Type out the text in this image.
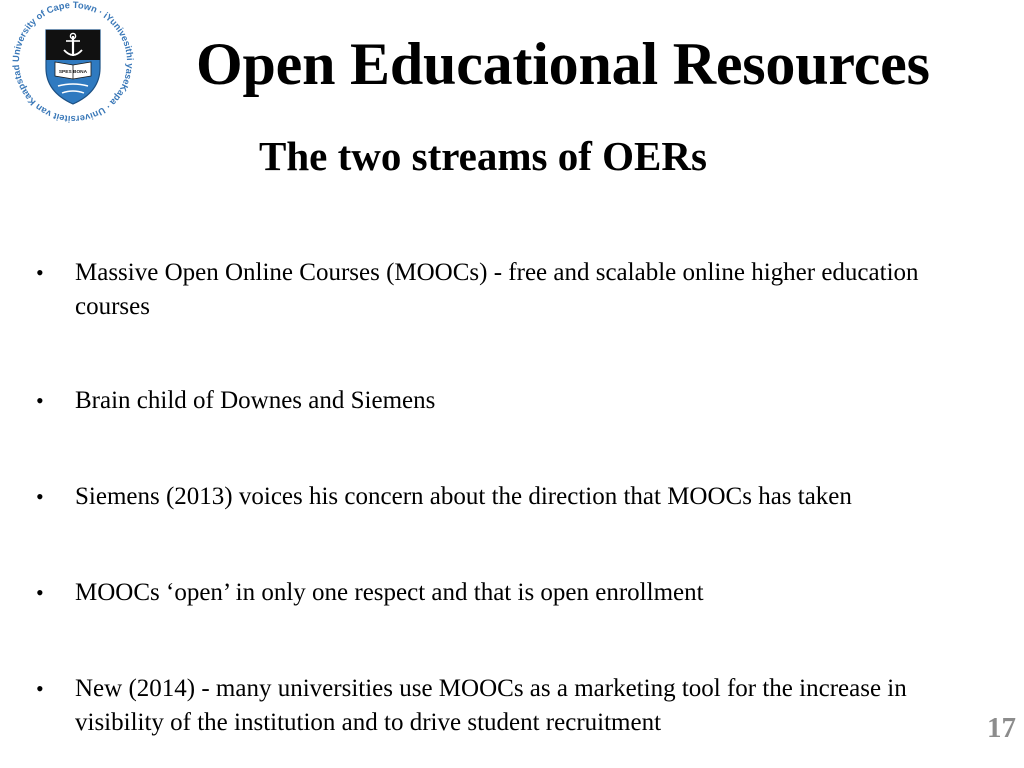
University of Cape Town · iYunivesithi yaseKapa · Universiteit van Kaapstad
SPES BONA Open Educational Resources
The two streams of OERs
•	Massive Open Online Courses (MOOCs) - free and scalable online higher education courses
•	Brain child of Downes and Siemens
•	Siemens (2013) voices his concern about the direction that MOOCs has taken
•	MOOCs ‘open’ in only one respect and that is open enrollment
•	New (2014) - many universities use MOOCs as a marketing tool for the increase in visibility of the institution and to drive student recruitment	17
